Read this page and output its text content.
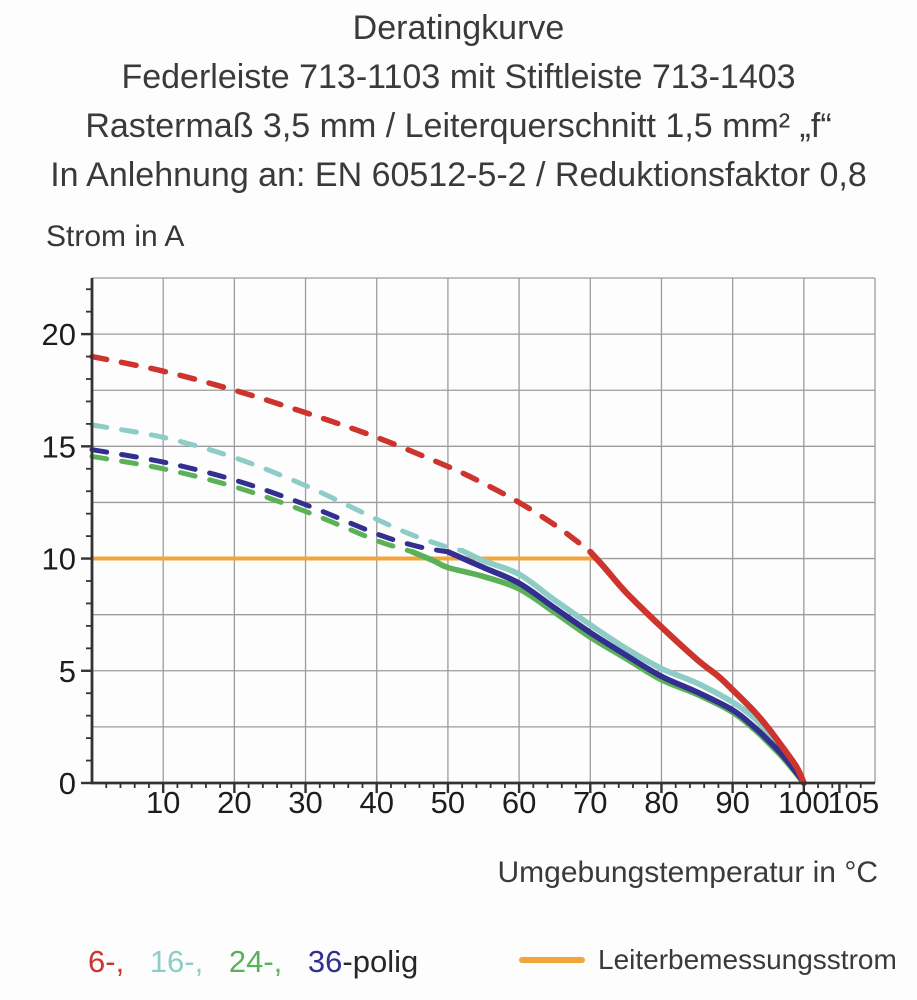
Deratingkurve
Federleiste 713-1103 mit Stiftleiste 713-1403
Rastermaß 3,5 mm / Leiterquerschnitt 1,5 mm² „f“
In Anlehnung an: EN 60512-5-2 / Reduktionsfaktor 0,8
Strom in A
10 20 30 40 50 60 70 80 90 100
105
0
5
10
15
20
Umgebungstemperatur in °C
6-, 16-, 24-, 36-polig	Leiterbemessungsstrom
